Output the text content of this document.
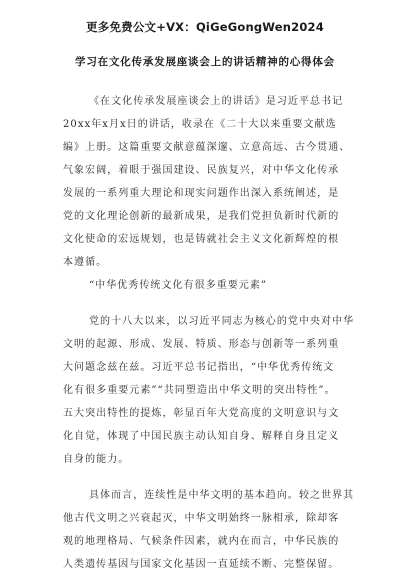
更多免费公文+VX：QiGeGongWen2024
学习在文化传承发展座谈会上的讲话精神的心得体会
《在文化传承发展座谈会上的讲话》是习近平总书记
20xx年x月x日的讲话，收录在《二十大以来重要文献选
编》上册。这篇重要文献意蕴深邃、立意高远、古今贯通、
气象宏阔，着眼于强国建设、民族复兴，对中华文化传承
发展的一系列重大理论和现实问题作出深入系统阐述，是
党的文化理论创新的最新成果，是我们党担负新时代新的
文化使命的宏远规划，也是铸就社会主义文化新辉煌的根
本遵循。
“中华优秀传统文化有很多重要元素”
党的十八大以来，以习近平同志为核心的党中央对中华
文明的起源、形成、发展、特质、形态与创新等一系列重
大问题念兹在兹。习近平总书记指出，“中华优秀传统文
化有很多重要元素”“共同塑造出中华文明的突出特性”。
五大突出特性的提炼，彰显百年大党高度的文明意识与文
化自觉，体现了中国民族主动认知自身、解释自身且定义
自身的能力。
具体而言，连续性是中华文明的基本趋向。较之世界其
他古代文明之兴衰起灭，中华文明始终一脉相承，除却客
观的地理格局、气候条件因素，就内在而言，中华民族的
人类遗传基因与国家文化基因一直延续不断、完整保留。
